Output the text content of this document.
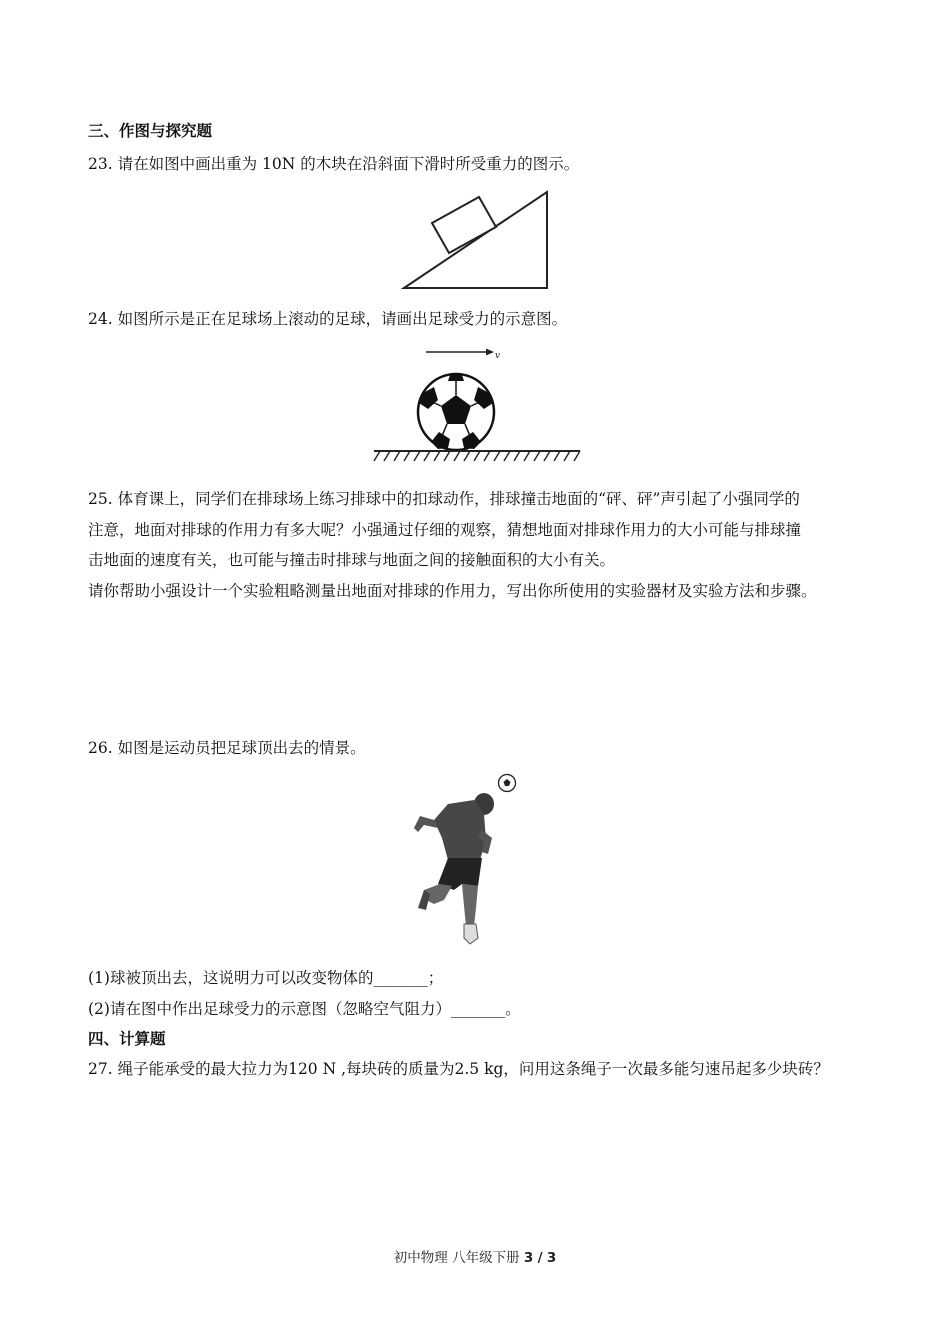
三、作图与探究题

23. 请在如图中画出重为 10N 的木块在沿斜面下滑时所受重力的图示。

24. 如图所示是正在足球场上滚动的足球，请画出足球受力的示意图。

v

25. 体育课上，同学们在排球场上练习排球中的扣球动作，排球撞击地面的“砰、砰”声引起了小强同学的

注意，地面对排球的作用力有多大呢？小强通过仔细的观察，猜想地面对排球作用力的大小可能与排球撞

击地面的速度有关，也可能与撞击时排球与地面之间的接触面积的大小有关。

请你帮助小强设计一个实验粗略测量出地面对排球的作用力，写出你所使用的实验器材及实验方法和步骤。

26. 如图是运动员把足球顶出去的情景。

(1)球被顶出去，这说明力可以改变物体的_______；

(2)请在图中作出足球受力的示意图（忽略空气阻力）_______。

四、计算题

27. 绳子能承受的最大拉力为120 N ,每块砖的质量为2.5 kg，问用这条绳子一次最多能匀速吊起多少块砖？

初中物理 八年级下册 3 / 3
